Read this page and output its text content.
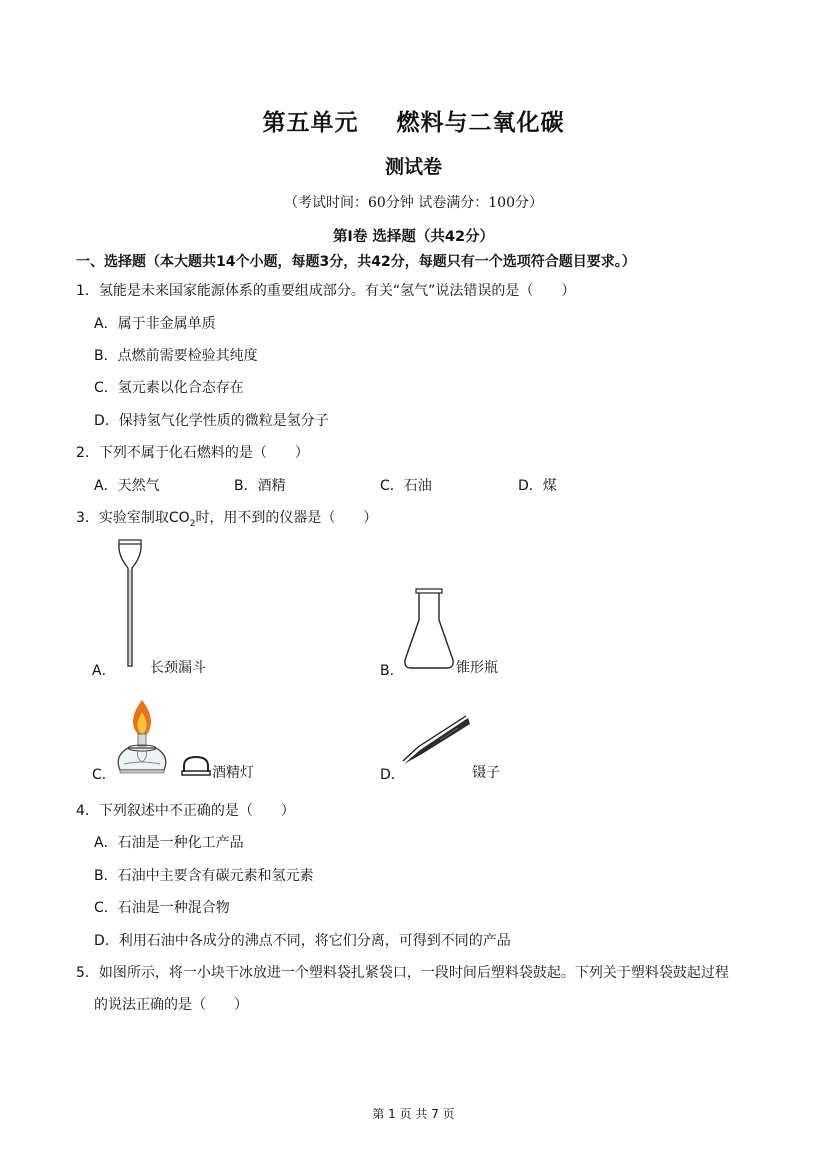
第五单元 燃料与二氧化碳
测试卷
（考试时间：60分钟 试卷满分：100分）
第Ⅰ卷 选择题（共42分）
一、选择题（本大题共14个小题，每题3分，共42分，每题只有一个选项符合题目要求。）
1．氢能是未来国家能源体系的重要组成部分。有关“氢气”说法错误的是（　　）
A．属于非金属单质
B．点燃前需要检验其纯度
C．氢元素以化合态存在
D．保持氢气化学性质的微粒是氢分子
2．下列不属于化石燃料的是（　　）
A．天然气	B．酒精	C．石油	D．煤
3．实验室制取$CO_2$时，用不到的仪器是（　　）
A． 长颈漏斗	B．	锥形瓶
C．	酒精灯	D．	镊子
4．下列叙述中不正确的是（　　）
A．石油是一种化工产品
B．石油中主要含有碳元素和氢元素
C．石油是一种混合物
D．利用石油中各成分的沸点不同，将它们分离，可得到不同的产品
5．如图所示，将一小块干冰放进一个塑料袋扎紧袋口，一段时间后塑料袋鼓起。下列关于塑料袋鼓起过程
的说法正确的是（　　）
第 1 页 共 7 页
